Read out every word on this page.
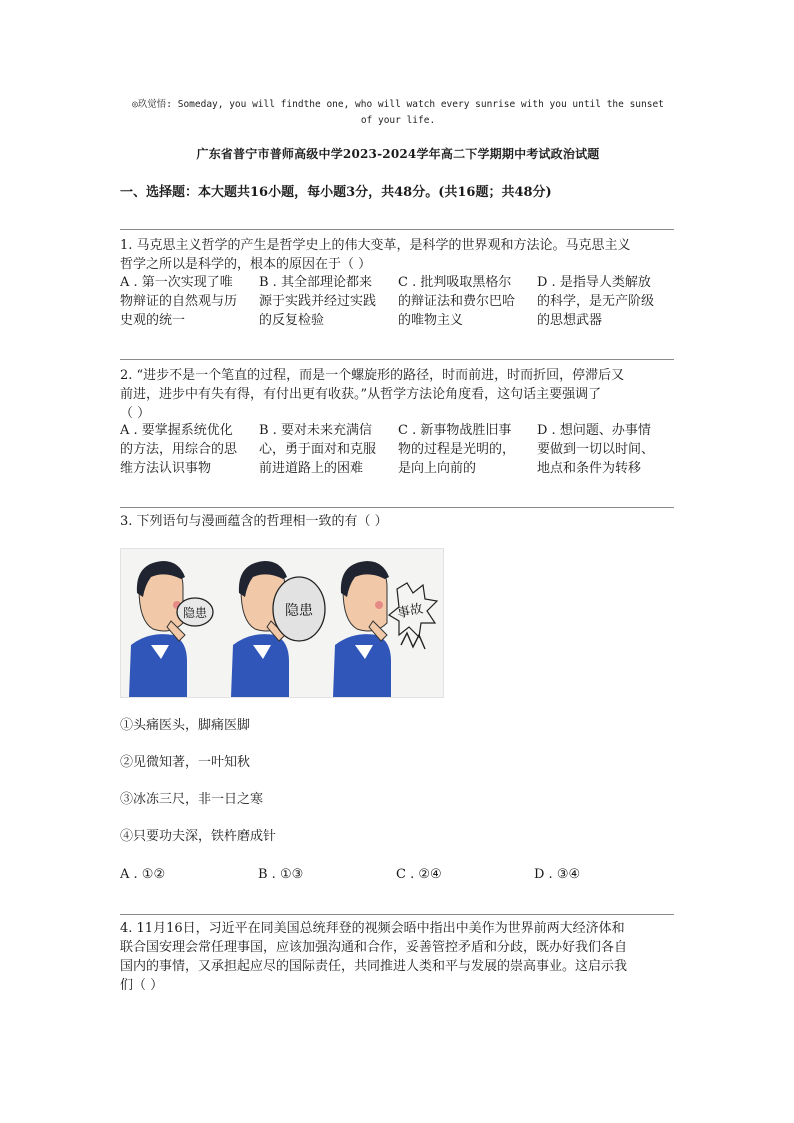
◎玖觉悟: Someday, you will findthe one, who will watch every sunrise with you until the sunset
of your life.
广东省普宁市普师高级中学2023-2024学年高二下学期期中考试政治试题
一、选择题：本大题共16小题，每小题3分，共48分。(共16题；共48分)
1. 马克思主义哲学的产生是哲学史上的伟大变革，是科学的世界观和方法论。马克思主义
哲学之所以是科学的，根本的原因在于（ ）
A . 第一次实现了唯
物辩证的自然观与历
史观的统一
B . 其全部理论都来
源于实践并经过实践
的反复检验
C . 批判吸取黑格尔
的辩证法和费尔巴哈
的唯物主义
D . 是指导人类解放
的科学，是无产阶级
的思想武器
2. “进步不是一个笔直的过程，而是一个螺旋形的路径，时而前进，时而折回，停滞后又
前进，进步中有失有得，有付出更有收获。”从哲学方法论角度看，这句话主要强调了
（ ）
A . 要掌握系统优化
的方法，用综合的思
维方法认识事物
B . 要对未来充满信
心，勇于面对和克服
前进道路上的困难
C . 新事物战胜旧事
物的过程是光明的，
是向上向前的
D . 想问题、办事情
要做到一切以时间、
地点和条件为转移
3. 下列语句与漫画蕴含的哲理相一致的有（ ）
隐患	隐患	事故
①头痛医头，脚痛医脚
②见微知著，一叶知秋
③冰冻三尺，非一日之寒
④只要功夫深，铁杵磨成针
A . ①②	B . ①③	C . ②④	D . ③④
4. 11月16日，习近平在同美国总统拜登的视频会晤中指出中美作为世界前两大经济体和
联合国安理会常任理事国，应该加强沟通和合作，妥善管控矛盾和分歧，既办好我们各自
国内的事情，又承担起应尽的国际责任，共同推进人类和平与发展的崇高事业。这启示我
们（ ）
